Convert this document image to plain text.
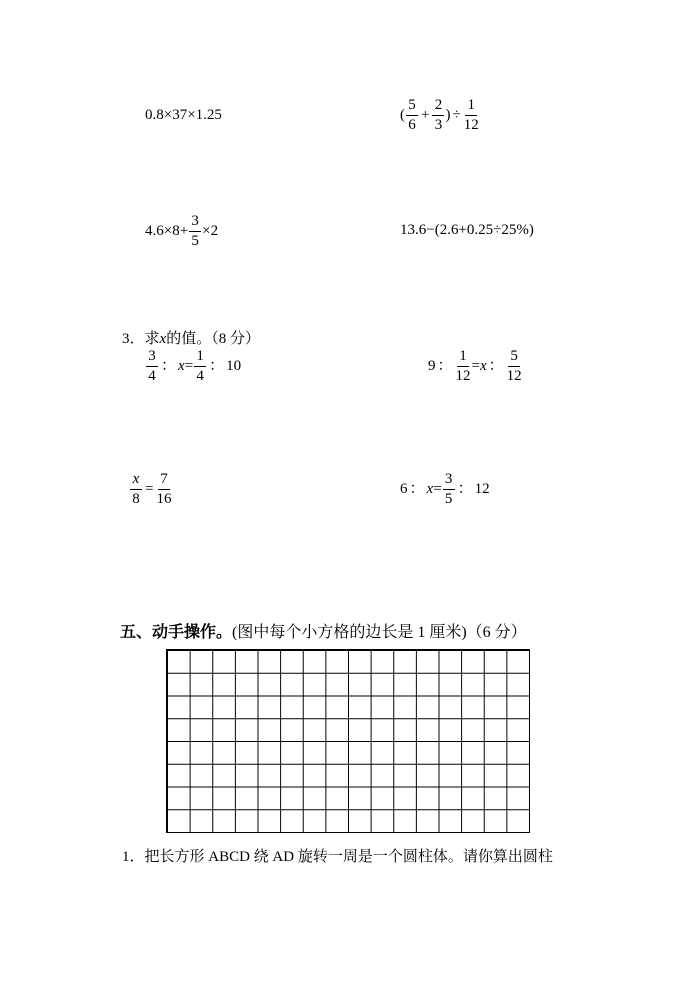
0.8×37×1.25	( $\frac{5}{6} + \frac{2}{3}$ ) ÷ $\frac{1}{12}$
$4.6\times 8+ \frac{3}{5} \times 2$	13.6−(2.6+0.25÷25%)
3．求x的值。（8 分）
$\frac{3}{4}$ ： $x = \frac{1}{4}$ ： 10	9 ： $\frac{1}{12} = x$ ： $\frac{5}{12}$
$\frac{x}{8} = \frac{7}{16}$	6 ： $x = \frac{3}{5}$ ： 12
五、动手操作。(图中每个小方格的边长是 1 厘米)（6 分）
1．把长方形 ABCD 绕 AD 旋转一周是一个圆柱体。请你算出圆柱
